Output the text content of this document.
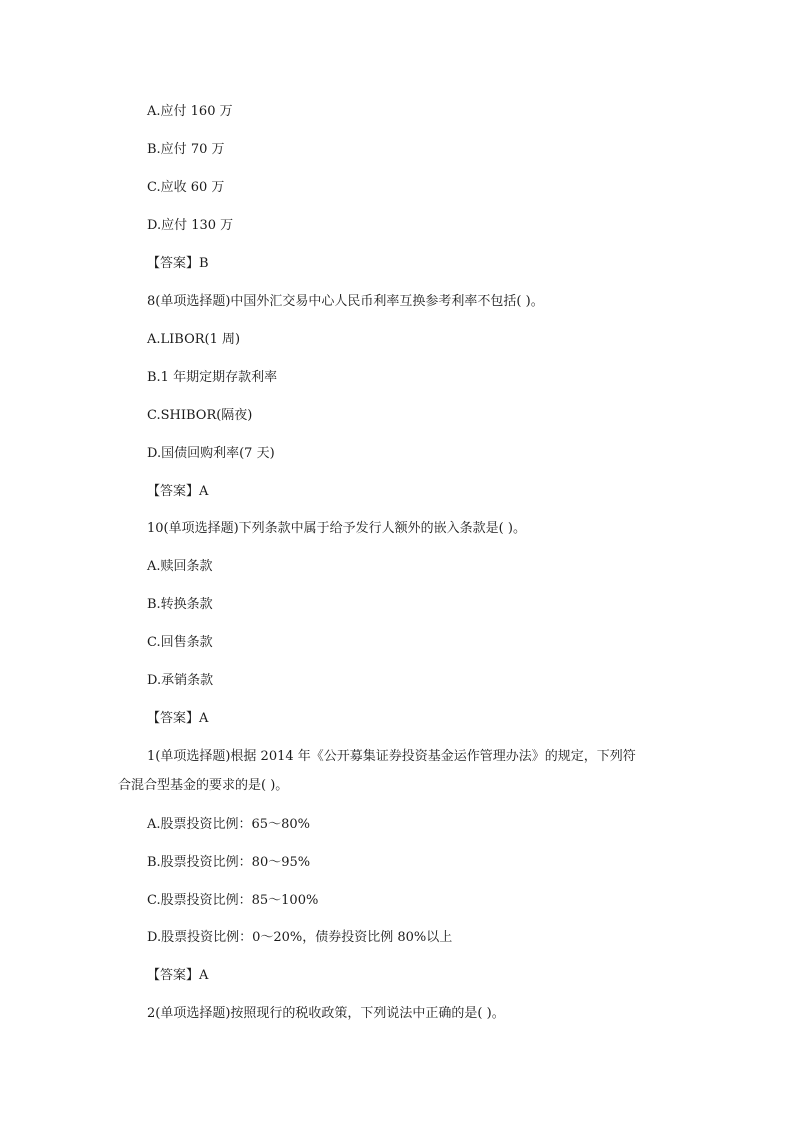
A.应付 160 万
B.应付 70 万
C.应收 60 万
D.应付 130 万
【答案】B
8(单项选择题)中国外汇交易中心人民币利率互换参考利率不包括( )。
A.LIBOR(1 周)
B.1 年期定期存款利率
C.SHIBOR(隔夜)
D.国债回购利率(7 天)
【答案】A
10(单项选择题)下列条款中属于给予发行人额外的嵌入条款是( )。
A.赎回条款
B.转换条款
C.回售条款
D.承销条款
【答案】A
1(单项选择题)根据 2014 年《公开募集证券投资基金运作管理办法》的规定，下列符
合混合型基金的要求的是( )。
A.股票投资比例：65～80%
B.股票投资比例：80～95%
C.股票投资比例：85～100%
D.股票投资比例：0～20%，债券投资比例 80%以上
【答案】A
2(单项选择题)按照现行的税收政策，下列说法中正确的是( )。
